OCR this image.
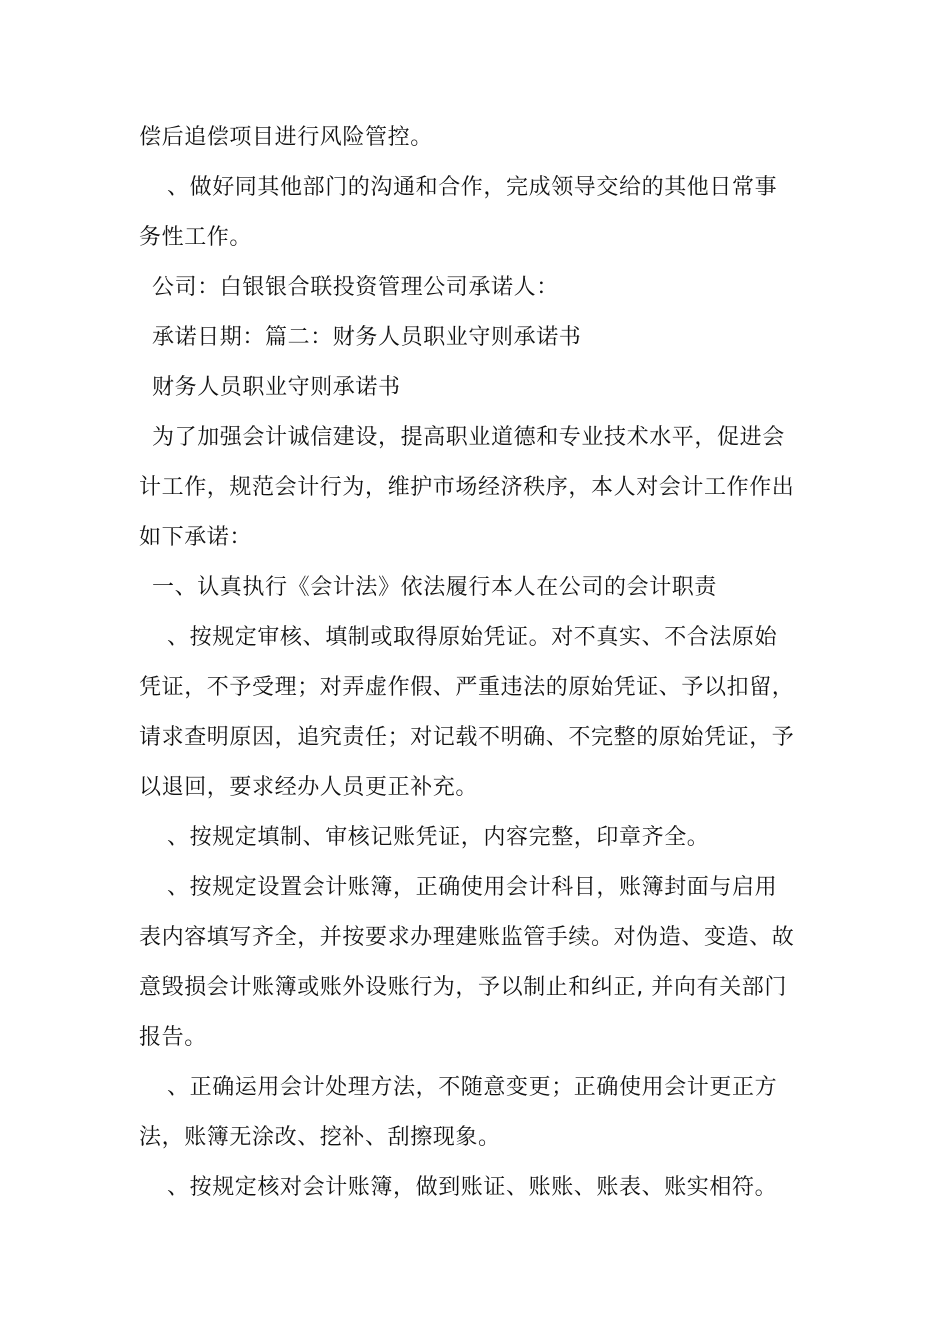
偿后追偿项目进行风险管控。
、做好同其他部门的沟通和合作，完成领导交给的其他日常事
务性工作。
公司：白银银合联投资管理公司承诺人：
承诺日期：篇二：财务人员职业守则承诺书
财务人员职业守则承诺书
为了加强会计诚信建设，提高职业道德和专业技术水平，促进会
计工作，规范会计行为，维护市场经济秩序，本人对会计工作作出
如下承诺：
一、认真执行《会计法》依法履行本人在公司的会计职责
、按规定审核、填制或取得原始凭证。对不真实、不合法原始
凭证，不予受理；对弄虚作假、严重违法的原始凭证、予以扣留，
请求查明原因，追究责任；对记载不明确、不完整的原始凭证，予
以退回，要求经办人员更正补充。
、按规定填制、审核记账凭证，内容完整，印章齐全。
、按规定设置会计账簿，正确使用会计科目，账簿封面与启用
表内容填写齐全，并按要求办理建账监管手续。对伪造、变造、故
意毁损会计账簿或账外设账行为，予以制止和纠正, 并向有关部门
报告。
、正确运用会计处理方法，不随意变更；正确使用会计更正方
法，账簿无涂改、挖补、刮擦现象。
、按规定核对会计账簿，做到账证、账账、账表、账实相符。
